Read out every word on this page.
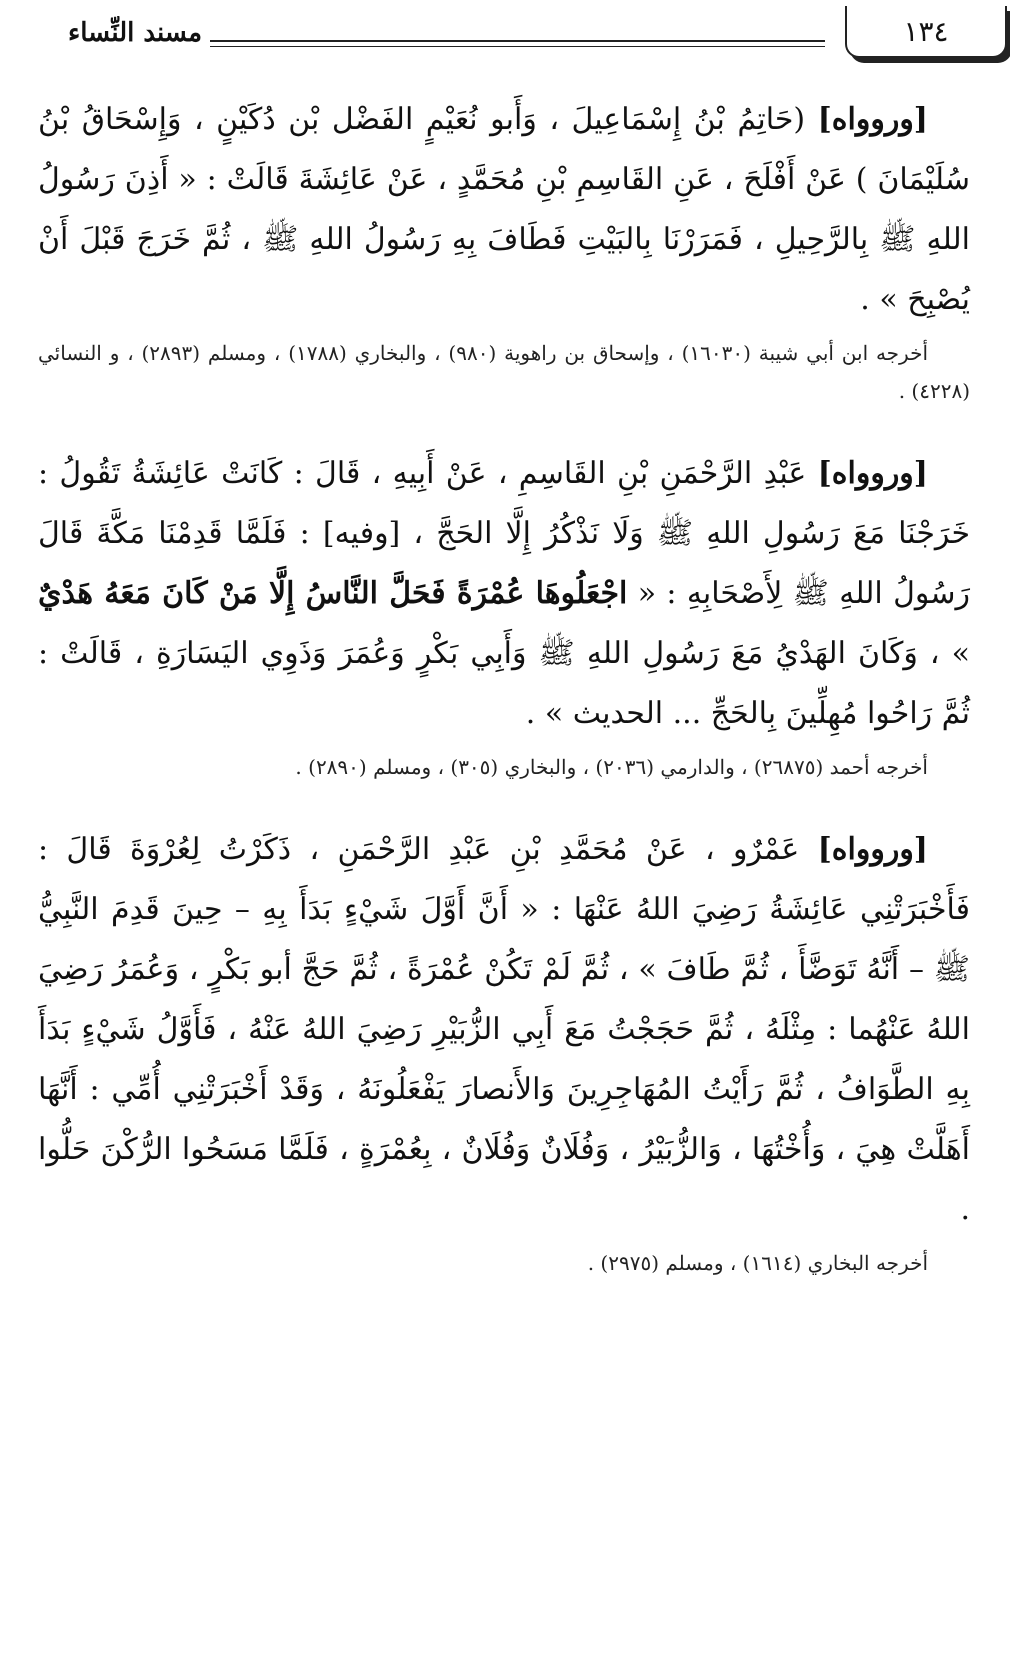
١٣٤
مسند النِّساء

[وروواه] (حَاتِمُ بْنُ إِسْمَاعِيلَ ، وَأَبو نُعَيْمٍ الفَضْل بْن دُكَيْنٍ ، وَإِسْحَاقُ بْنُ سُلَيْمَانَ ) عَنْ أَفْلَحَ ، عَنِ القَاسِمِ بْنِ مُحَمَّدٍ ، عَنْ عَائِشَةَ قَالَتْ : « أَذِنَ رَسُولُ اللهِ ﷺ بِالرَّحِيلِ ، فَمَرَرْنَا بِالبَيْتِ فَطَافَ بِهِ رَسُولُ اللهِ ﷺ ، ثُمَّ خَرَجَ قَبْلَ أَنْ يُصْبِحَ » .

أخرجه ابن أبي شيبة (١٦٠٣٠) ، وإسحاق بن راهوية (٩٨٠) ، والبخاري (١٧٨٨) ، ومسلم (٢٨٩٣) ، و النسائي (٤٢٢٨) .

[وروواه] عَبْدِ الرَّحْمَنِ بْنِ القَاسِمِ ، عَنْ أَبِيهِ ، قَالَ : كَانَتْ عَائِشَةُ تَقُولُ : خَرَجْنَا مَعَ رَسُولِ اللهِ ﷺ وَلَا نَذْكُرُ إِلَّا الحَجَّ ، [وفيه] : فَلَمَّا قَدِمْنَا مَكَّةَ قَالَ رَسُولُ اللهِ ﷺ لِأَصْحَابِهِ : « اجْعَلُوهَا عُمْرَةً فَحَلَّ النَّاسُ إِلَّا مَنْ كَانَ مَعَهُ هَدْيٌ » ، وَكَانَ الهَدْيُ مَعَ رَسُولِ اللهِ ﷺ وَأَبِي بَكْرٍ وَعُمَرَ وَذَوِي اليَسَارَةِ ، قَالَتْ : ثُمَّ رَاحُوا مُهِلِّينَ بِالحَجِّ ... الحديث » .

أخرجه أحمد (٢٦٨٧٥) ، والدارمي (٢٠٣٦) ، والبخاري (٣٠٥) ، ومسلم (٢٨٩٠) .

[وروواه] عَمْرٌو ، عَنْ مُحَمَّدِ بْنِ عَبْدِ الرَّحْمَنِ ، ذَكَرْتُ لِعُرْوَةَ قَالَ : فَأَخْبَرَتْنِي عَائِشَةُ رَضِيَ اللهُ عَنْهَا : « أَنَّ أَوَّلَ شَيْءٍ بَدَأَ بِهِ – حِينَ قَدِمَ النَّبِيُّ ﷺ – أَنَّهُ تَوَضَّأَ ، ثُمَّ طَافَ » ، ثُمَّ لَمْ تَكُنْ عُمْرَةً ، ثُمَّ حَجَّ أبو بَكْرٍ ، وَعُمَرُ رَضِيَ اللهُ عَنْهُما : مِثْلَهُ ، ثُمَّ حَجَجْتُ مَعَ أَبِي الزُّبَيْرِ رَضِيَ اللهُ عَنْهُ ، فَأَوَّلُ شَيْءٍ بَدَأَ بِهِ الطَّوَافُ ، ثُمَّ رَأَيْتُ المُهَاجِرِينَ وَالأَنصارَ يَفْعَلُونَهُ ، وَقَدْ أَخْبَرَتْنِي أُمِّي : أَنَّهَا أَهَلَّتْ هِيَ ، وَأُخْتُهَا ، وَالزُّبَيْرُ ، وَفُلَانٌ وَفُلَانٌ ، بِعُمْرَةٍ ، فَلَمَّا مَسَحُوا الرُّكْنَ حَلُّوا .

أخرجه البخاري (١٦١٤) ، ومسلم (٢٩٧٥) .
